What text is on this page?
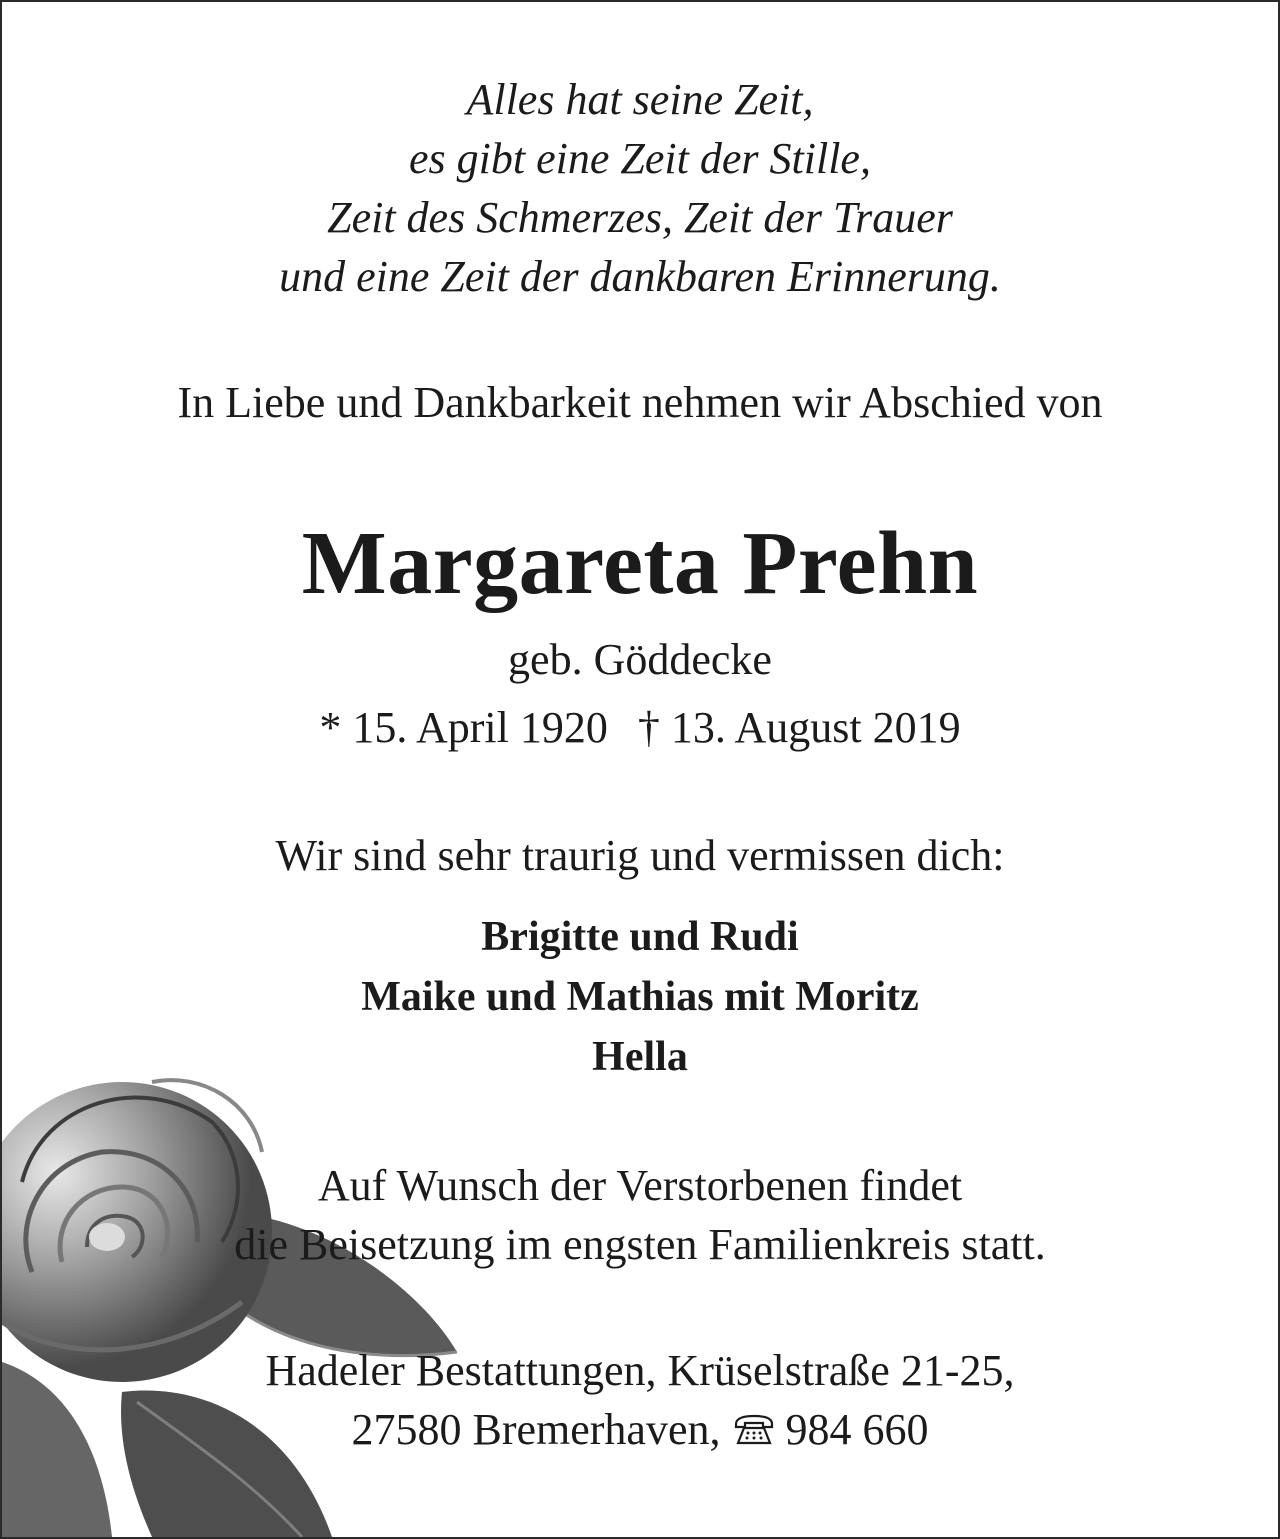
Alles hat seine Zeit,
es gibt eine Zeit der Stille,
Zeit des Schmerzes, Zeit der Trauer
und eine Zeit der dankbaren Erinnerung.
In Liebe und Dankbarkeit nehmen wir Abschied von
Margareta Prehn
geb. Göddecke
* 15. April 1920 † 13. August 2019
Wir sind sehr traurig und vermissen dich:
Brigitte und Rudi
Maike und Mathias mit Moritz
Hella
Auf Wunsch der Verstorbenen findet
die Beisetzung im engsten Familienkreis statt.
Hadeler Bestattungen, Krüselstraße 21-25,
27580 Bremerhaven, 984 660
